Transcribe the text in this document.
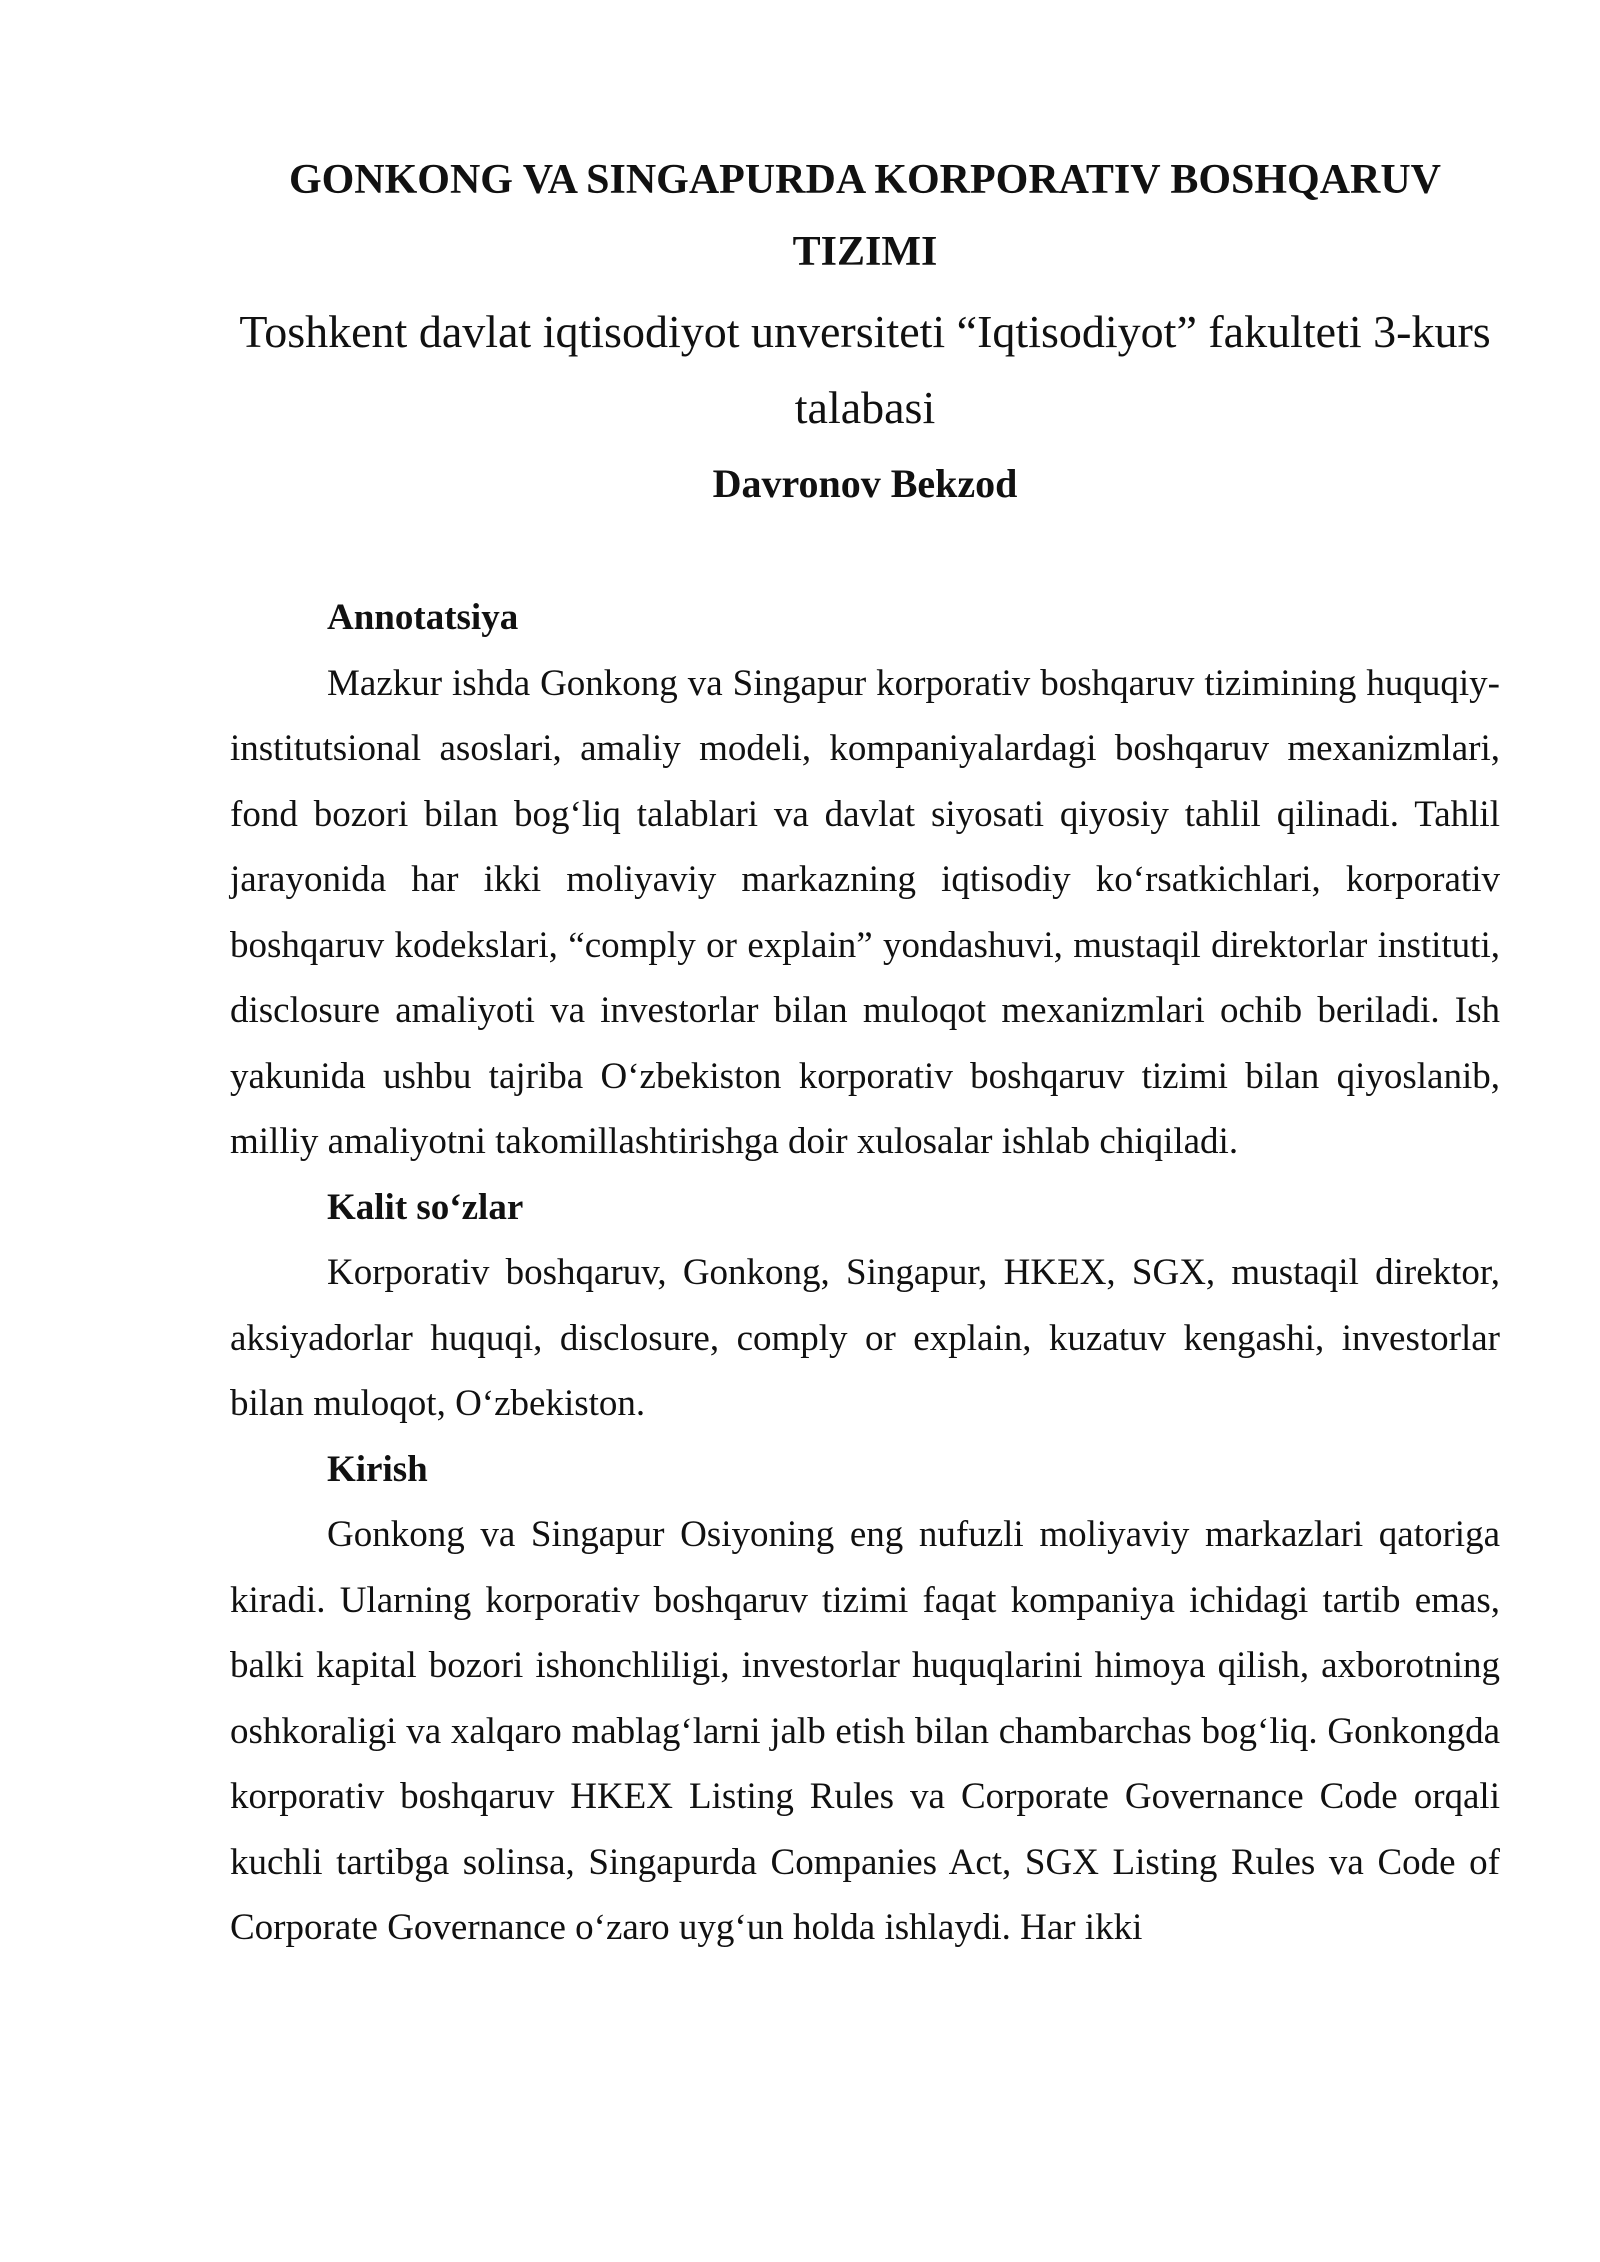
GONKONG VA SINGAPURDA KORPORATIV BOSHQARUV TIZIMI
Toshkent davlat iqtisodiyot unversiteti “Iqtisodiyot” fakulteti 3-kurs talabasi
Davronov Bekzod
Annotatsiya

Mazkur ishda Gonkong va Singapur korporativ boshqaruv tizimining huquqiy-institutsional asoslari, amaliy modeli, kompaniyalardagi boshqaruv mexanizmlari, fond bozori bilan bog‘liq talablari va davlat siyosati qiyosiy tahlil qilinadi. Tahlil jarayonida har ikki moliyaviy markazning iqtisodiy ko‘rsatkichlari, korporativ boshqaruv kodekslari, “comply or explain” yondashuvi, mustaqil direktorlar instituti, disclosure amaliyoti va investorlar bilan muloqot mexanizmlari ochib beriladi. Ish yakunida ushbu tajriba O‘zbekiston korporativ boshqaruv tizimi bilan qiyoslanib, milliy amaliyotni takomillashtirishga doir xulosalar ishlab chiqiladi.

Kalit so‘zlar

Korporativ boshqaruv, Gonkong, Singapur, HKEX, SGX, mustaqil direktor, aksiyadorlar huquqi, disclosure, comply or explain, kuzatuv kengashi, investorlar bilan muloqot, O‘zbekiston.

Kirish

Gonkong va Singapur Osiyoning eng nufuzli moliyaviy markazlari qatoriga kiradi. Ularning korporativ boshqaruv tizimi faqat kompaniya ichidagi tartib emas, balki kapital bozori ishonchliligi, investorlar huquqlarini himoya qilish, axborotning oshkoraligi va xalqaro mablag‘larni jalb etish bilan chambarchas bog‘liq. Gonkongda korporativ boshqaruv HKEX Listing Rules va Corporate Governance Code orqali kuchli tartibga solinsa, Singapurda Companies Act, SGX Listing Rules va Code of Corporate Governance o‘zaro uyg‘un holda ishlaydi. Har ikki
